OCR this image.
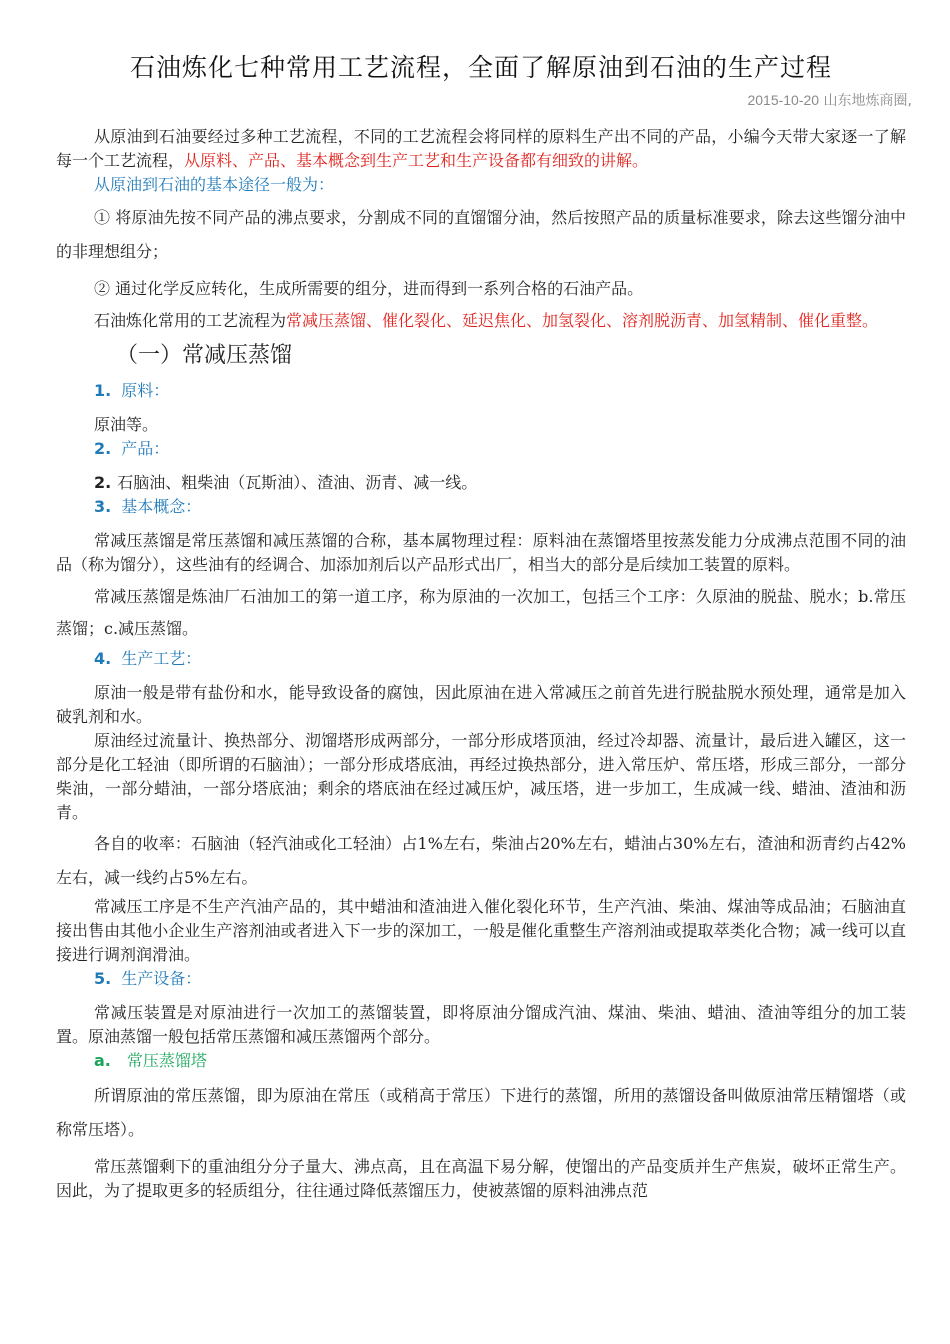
石油炼化七种常用工艺流程，全面了解原油到石油的生产过程
2015-10-20 山东地炼商圈,

从原油到石油要经过多种工艺流程，不同的工艺流程会将同样的原料生产出不同的产品，小编今天带大家逐一了解每一个工艺流程，从原料、产品、基本概念到生产工艺和生产设备都有细致的讲解。

从原油到石油的基本途径一般为：

① 将原油先按不同产品的沸点要求，分割成不同的直馏馏分油，然后按照产品的质量标准要求，除去这些馏分油中的非理想组分；

② 通过化学反应转化，生成所需要的组分，进而得到一系列合格的石油产品。

石油炼化常用的工艺流程为常减压蒸馏、催化裂化、延迟焦化、加氢裂化、溶剂脱沥青、加氢精制、催化重整。

（一）常减压蒸馏
1. 原料：

原油等。

2. 产品：

2. 石脑油、粗柴油（瓦斯油）、渣油、沥青、减一线。

3. 基本概念：

常减压蒸馏是常压蒸馏和减压蒸馏的合称，基本属物理过程：原料油在蒸馏塔里按蒸发能力分成沸点范围不同的油品（称为馏分），这些油有的经调合、加添加剂后以产品形式出厂，相当大的部分是后续加工装置的原料。

常减压蒸馏是炼油厂石油加工的第一道工序，称为原油的一次加工，包括三个工序：久原油的脱盐、脱水；b.常压蒸馏；c.减压蒸馏。

4. 生产工艺：

原油一般是带有盐份和水，能导致设备的腐蚀，因此原油在进入常减压之前首先进行脱盐脱水预处理，通常是加入破乳剂和水。

原油经过流量计、换热部分、沏馏塔形成两部分，一部分形成塔顶油，经过冷却器、流量计，最后进入罐区，这一部分是化工轻油（即所谓的石脑油）；一部分形成塔底油，再经过换热部分，进入常压炉、常压塔，形成三部分，一部分柴油，一部分蜡油，一部分塔底油；剩余的塔底油在经过减压炉，减压塔，进一步加工，生成减一线、蜡油、渣油和沥青。

各自的收率：石脑油（轻汽油或化工轻油）占1%左右，柴油占20%左右，蜡油占30%左右，渣油和沥青约占42%左右，减一线约占5%左右。

常减压工序是不生产汽油产品的，其中蜡油和渣油进入催化裂化环节，生产汽油、柴油、煤油等成品油；石脑油直接出售由其他小企业生产溶剂油或者进入下一步的深加工，一般是催化重整生产溶剂油或提取萃类化合物；减一线可以直接进行调剂润滑油。

5. 生产设备：

常减压装置是对原油进行一次加工的蒸馏装置，即将原油分馏成汽油、煤油、柴油、蜡油、渣油等组分的加工装置。原油蒸馏一般包括常压蒸馏和减压蒸馏两个部分。

a. 常压蒸馏塔

所谓原油的常压蒸馏，即为原油在常压（或稍高于常压）下进行的蒸馏，所用的蒸馏设备叫做原油常压精馏塔（或称常压塔）。

常压蒸馏剩下的重油组分分子量大、沸点高，且在高温下易分解，使馏出的产品变质并生产焦炭，破坏正常生产。因此，为了提取更多的轻质组分，往往通过降低蒸馏压力，使被蒸馏的原料油沸点范
